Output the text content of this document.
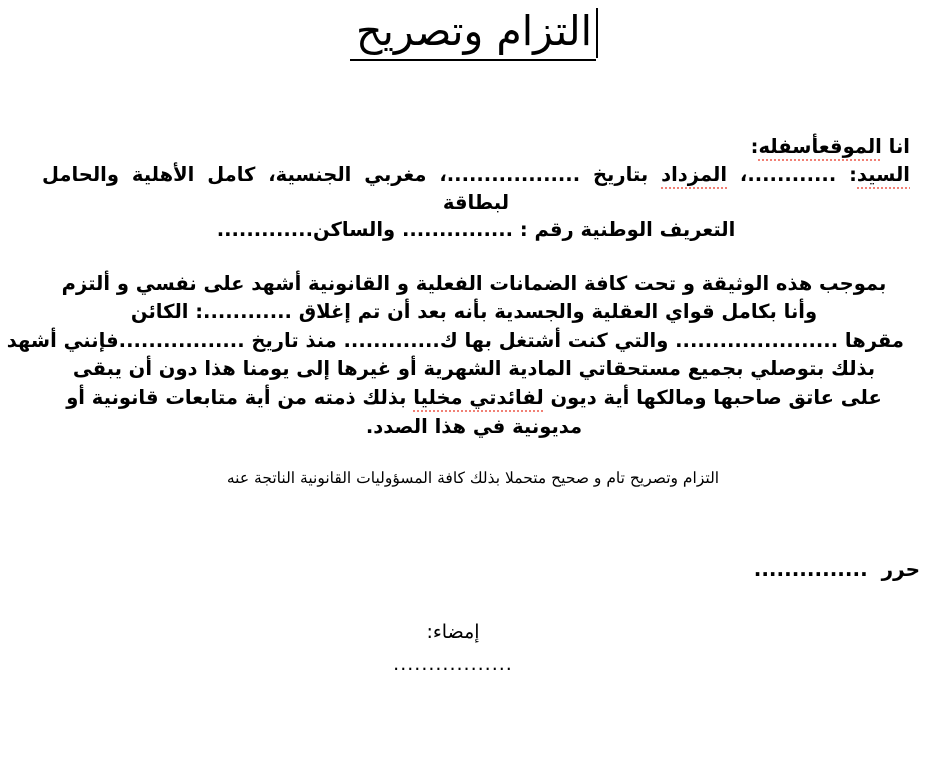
التزام وتصريح
انا الموقعأسفله:
السيد: ............، المزداد بتاريخ ..................، مغربي الجنسية، كامل الأهلية والحامل لبطاقة
التعريف الوطنية رقم : ............... والساكن.............
بموجب هذه الوثيقة و تحت كافة الضمانات الفعلية و القانونية أشهد على نفسي و ألتزم
وأنا بكامل قواي العقلية والجسدية بأنه بعد أن تم إغلاق ............: الكائن
مقرها ...................... والتي كنت أشتغل بها ك............. منذ تاريخ .................فإنني أشهد
بذلك بتوصلي بجميع مستحقاتي المادية الشهرية أو غيرها إلى يومنا هذا دون أن يبقى
على عاتق صاحبها ومالكها أية ديون لفائدتي مخليا بذلك ذمته من أية متابعات قانونية أو
مديونية في هذا الصدد.
التزام وتصريح تام و صحيح متحملا بذلك كافة المسؤوليات القانونية الناتجة عنه
حرر  ...............
إمضاء:
.................
